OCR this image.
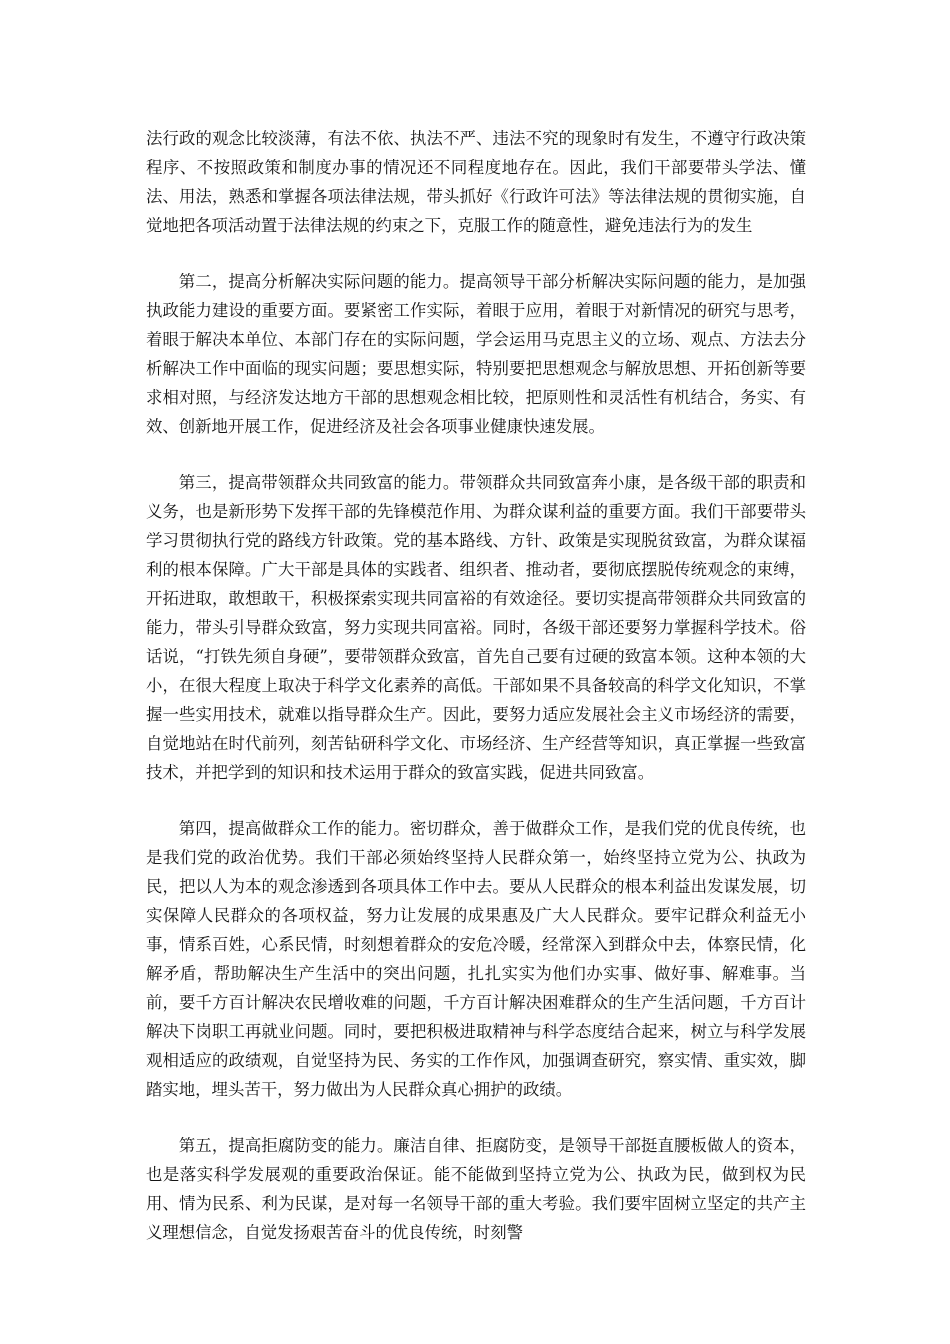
法行政的观念比较淡薄，有法不依、执法不严、违法不究的现象时有发生，不遵守行政决策程序、不按照政策和制度办事的情况还不同程度地存在。因此，我们干部要带头学法、懂法、用法，熟悉和掌握各项法律法规，带头抓好《行政许可法》等法律法规的贯彻实施，自觉地把各项活动置于法律法规的约束之下，克服工作的随意性，避免违法行为的发生

第二，提高分析解决实际问题的能力。提高领导干部分析解决实际问题的能力，是加强执政能力建设的重要方面。要紧密工作实际，着眼于应用，着眼于对新情况的研究与思考，着眼于解决本单位、本部门存在的实际问题，学会运用马克思主义的立场、观点、方法去分析解决工作中面临的现实问题；要思想实际，特别要把思想观念与解放思想、开拓创新等要求相对照，与经济发达地方干部的思想观念相比较，把原则性和灵活性有机结合，务实、有效、创新地开展工作，促进经济及社会各项事业健康快速发展。

第三，提高带领群众共同致富的能力。带领群众共同致富奔小康，是各级干部的职责和义务，也是新形势下发挥干部的先锋模范作用、为群众谋利益的重要方面。我们干部要带头学习贯彻执行党的路线方针政策。党的基本路线、方针、政策是实现脱贫致富，为群众谋福利的根本保障。广大干部是具体的实践者、组织者、推动者，要彻底摆脱传统观念的束缚，开拓进取，敢想敢干，积极探索实现共同富裕的有效途径。要切实提高带领群众共同致富的能力，带头引导群众致富，努力实现共同富裕。同时，各级干部还要努力掌握科学技术。俗话说，“打铁先须自身硬”，要带领群众致富，首先自己要有过硬的致富本领。这种本领的大小，在很大程度上取决于科学文化素养的高低。干部如果不具备较高的科学文化知识，不掌握一些实用技术，就难以指导群众生产。因此，要努力适应发展社会主义市场经济的需要，自觉地站在时代前列，刻苦钻研科学文化、市场经济、生产经营等知识，真正掌握一些致富技术，并把学到的知识和技术运用于群众的致富实践，促进共同致富。

第四，提高做群众工作的能力。密切群众，善于做群众工作，是我们党的优良传统，也是我们党的政治优势。我们干部必须始终坚持人民群众第一，始终坚持立党为公、执政为民，把以人为本的观念渗透到各项具体工作中去。要从人民群众的根本利益出发谋发展，切实保障人民群众的各项权益，努力让发展的成果惠及广大人民群众。要牢记群众利益无小事，情系百姓，心系民情，时刻想着群众的安危冷暖，经常深入到群众中去，体察民情，化解矛盾，帮助解决生产生活中的突出问题，扎扎实实为他们办实事、做好事、解难事。当前，要千方百计解决农民增收难的问题，千方百计解决困难群众的生产生活问题，千方百计解决下岗职工再就业问题。同时，要把积极进取精神与科学态度结合起来，树立与科学发展观相适应的政绩观，自觉坚持为民、务实的工作作风，加强调查研究，察实情、重实效，脚踏实地，埋头苦干，努力做出为人民群众真心拥护的政绩。

第五，提高拒腐防变的能力。廉洁自律、拒腐防变，是领导干部挺直腰板做人的资本，也是落实科学发展观的重要政治保证。能不能做到坚持立党为公、执政为民，做到权为民用、情为民系、利为民谋，是对每一名领导干部的重大考验。我们要牢固树立坚定的共产主义理想信念，自觉发扬艰苦奋斗的优良传统，时刻警
